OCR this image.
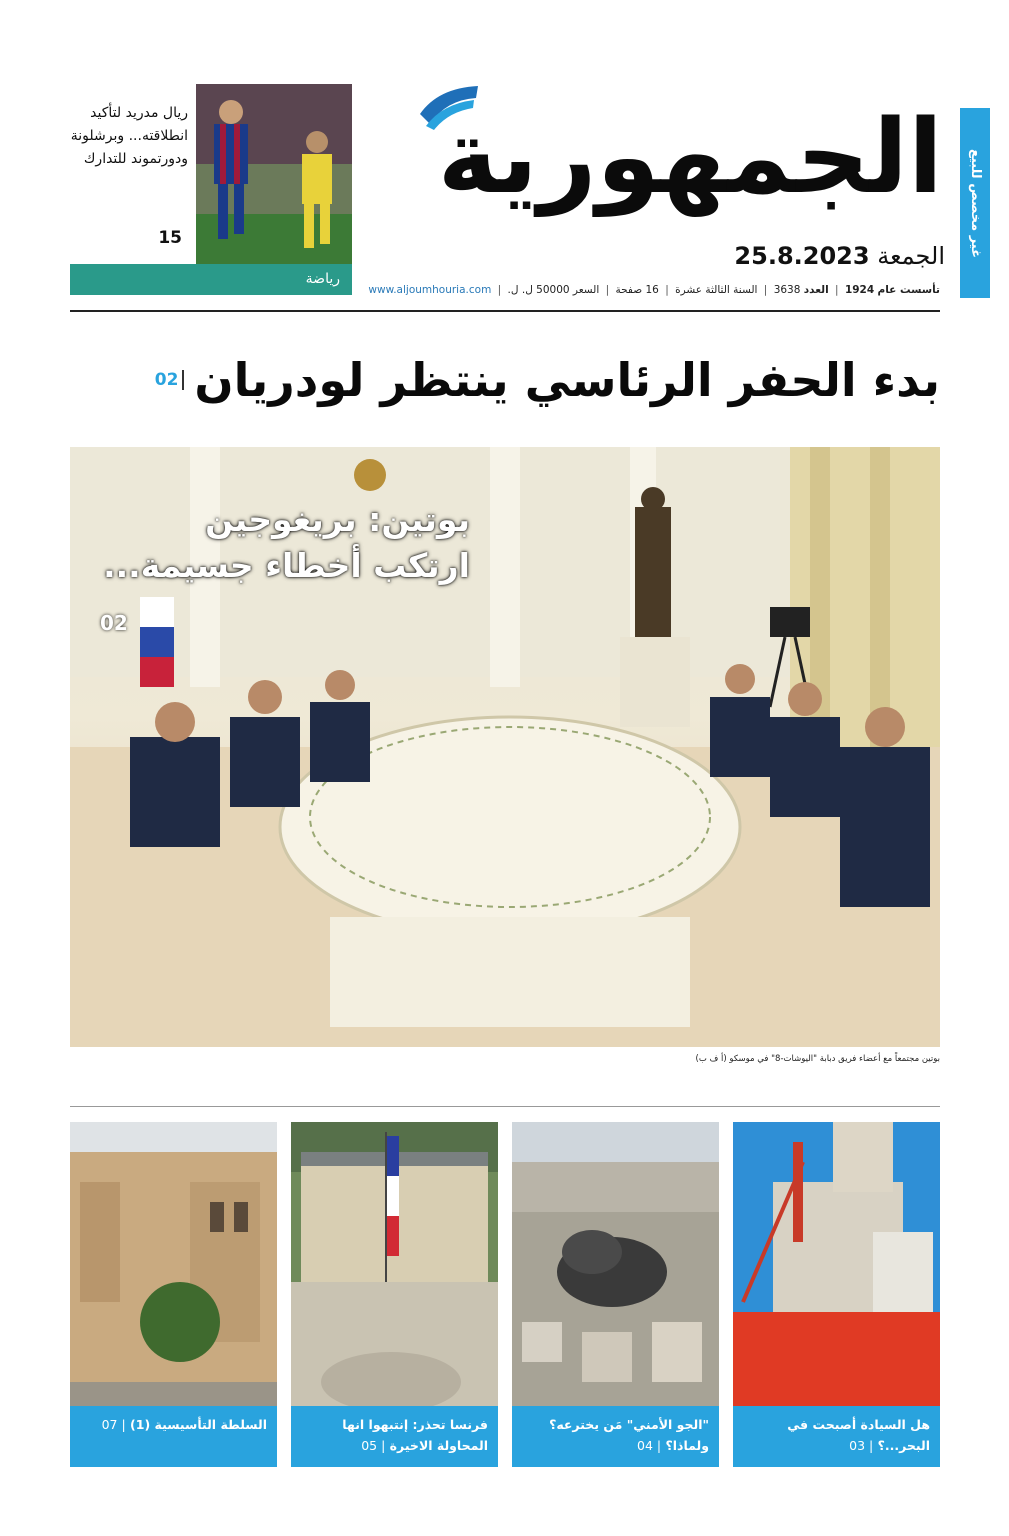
غير مخصص للبيع
الجمهورية
الجمعة 25.8.2023
تأسست عام 1924 | العدد 3638 | السنة الثالثة عشرة | 16 صفحة | السعر 50000 ل. ل. | www.aljoumhouria.com
ريال مدريد لتأكيد انطلاقته... وبرشلونة ودورتموند للتدارك
15
رياضة
بدء الحفر الرئاسي ينتظر لودريان
02
بوتين: بريغوجين
ارتكب أخطاء جسيمة...
02
بوتين مجتمعاً مع أعضاء فريق دبابة "اليوشات-8" في موسكو (أ ف ب)
هل السيادة أصبحت في البحر...؟ | 03
"الجو الأمني" مَن يخترعه؟ ولماذا؟ | 04
فرنسا تحذر: إنتبهوا انها المحاولة الاخيرة | 05
السلطة التأسيسية (1) | 07
